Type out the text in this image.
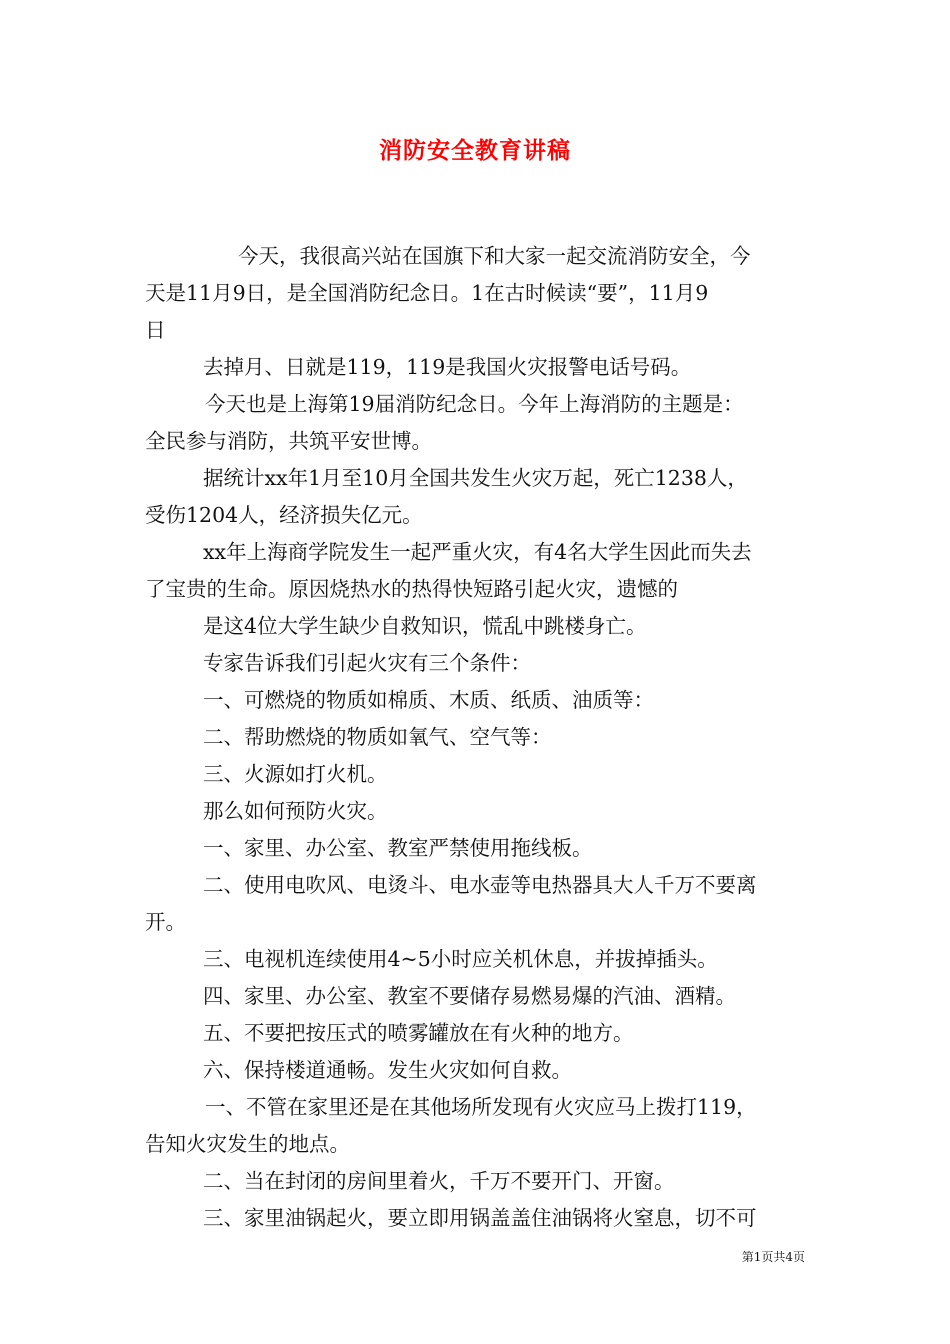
消防安全教育讲稿
今天，我很高兴站在国旗下和大家一起交流消防安全，今
天是11月9日，是全国消防纪念日。1在古时候读“要”，11月9
日
去掉月、日就是119，119是我国火灾报警电话号码。
今天也是上海第19届消防纪念日。今年上海消防的主题是：
全民参与消防，共筑平安世博。
据统计xx年1月至10月全国共发生火灾万起，死亡1238人，
受伤1204人，经济损失亿元。
xx年上海商学院发生一起严重火灾，有4名大学生因此而失去
了宝贵的生命。原因烧热水的热得快短路引起火灾，遗憾的
是这4位大学生缺少自救知识，慌乱中跳楼身亡。
专家告诉我们引起火灾有三个条件：
一、可燃烧的物质如棉质、木质、纸质、油质等：
二、帮助燃烧的物质如氧气、空气等：
三、火源如打火机。
那么如何预防火灾。
一、家里、办公室、教室严禁使用拖线板。
二、使用电吹风、电烫斗、电水壶等电热器具大人千万不要离
开。
三、电视机连续使用4~5小时应关机休息，并拔掉插头。
四、家里、办公室、教室不要储存易燃易爆的汽油、酒精。
五、不要把按压式的喷雾罐放在有火种的地方。
六、保持楼道通畅。发生火灾如何自救。
一、不管在家里还是在其他场所发现有火灾应马上拨打119，
告知火灾发生的地点。
二、当在封闭的房间里着火，千万不要开门、开窗。
三、家里油锅起火，要立即用锅盖盖住油锅将火窒息，切不可
第1页共4页
